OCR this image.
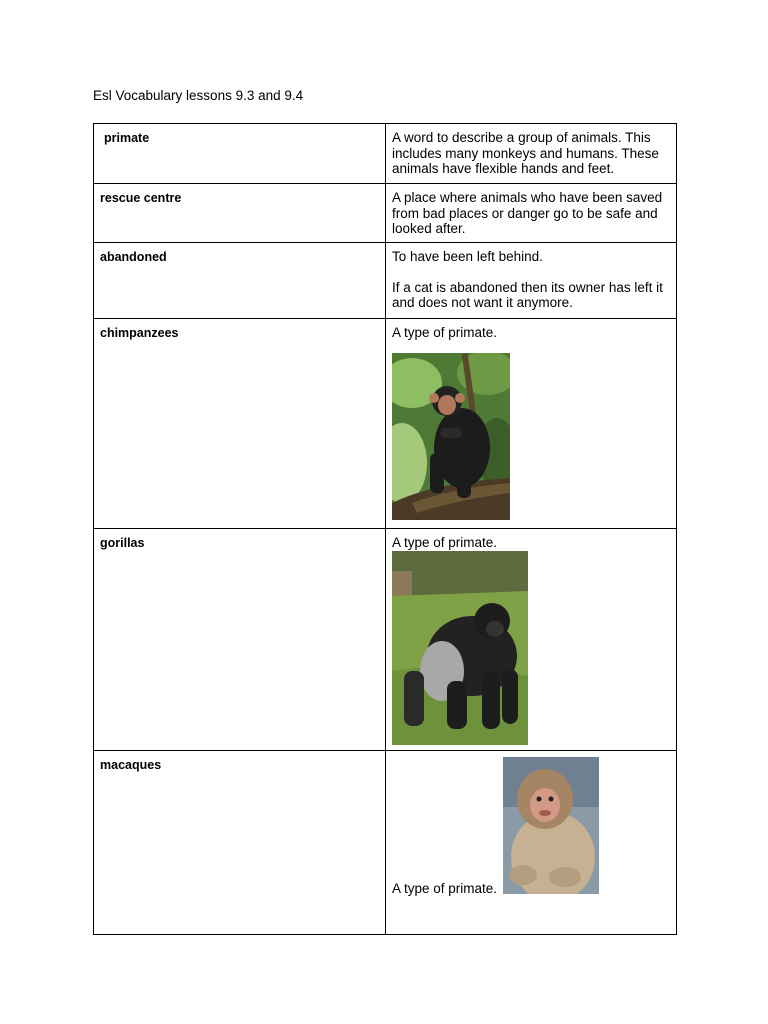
Esl Vocabulary lessons 9.3 and 9.4
primate	A word to describe a group of animals. This includes many monkeys and humans. These animals have flexible hands and feet.

rescue centre	A place where animals who have been saved from bad places or danger go to be safe and looked after.

abandoned	To have been left behind.

If a cat is abandoned then its owner has left it and does not want it anymore.

chimpanzees	A type of primate.

gorillas	A type of primate.

macaques	A type of primate.
